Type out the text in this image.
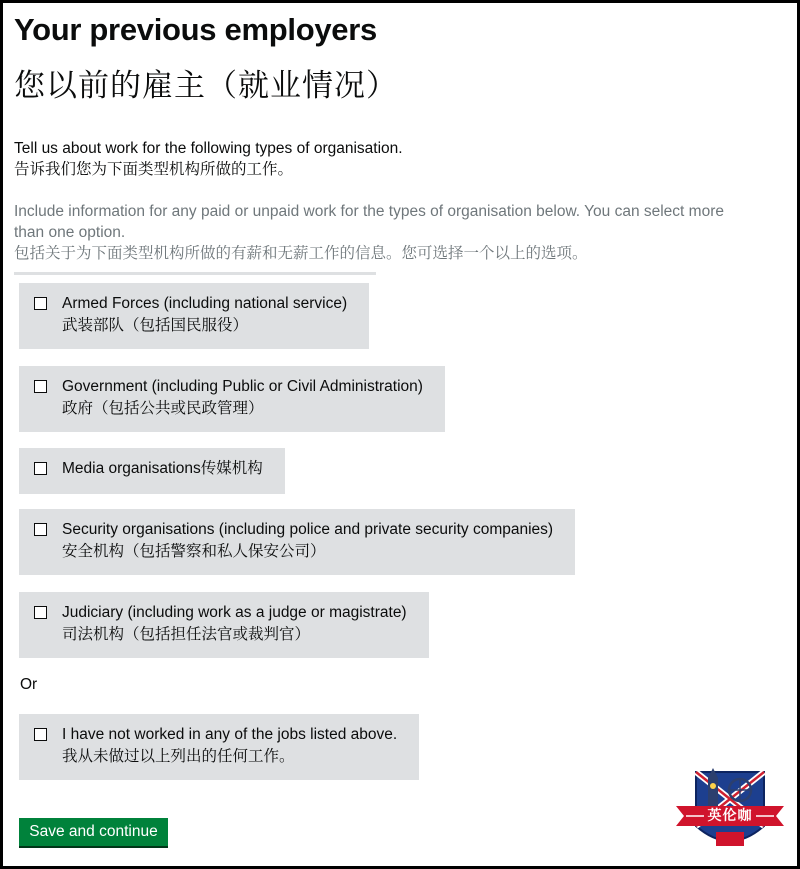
Your previous employers
您以前的雇主（就业情况）
Tell us about work for the following types of organisation.
告诉我们您为下面类型机构所做的工作。
Include information for any paid or unpaid work for the types of organisation below. You can select more than one option.
包括关于为下面类型机构所做的有薪和无薪工作的信息。您可选择一个以上的选项。
Armed Forces (including national service)
武装部队（包括国民服役）
Government (including Public or Civil Administration)
政府（包括公共或民政管理）
Media organisations传媒机构
Security organisations (including police and private security companies)
安全机构（包括警察和私人保安公司）
Judiciary (including work as a judge or magistrate)
司法机构（包括担任法官或裁判官）
Or
I have not worked in any of the jobs listed above.
我从未做过以上列出的任何工作。
Save and continue
英伦咖
